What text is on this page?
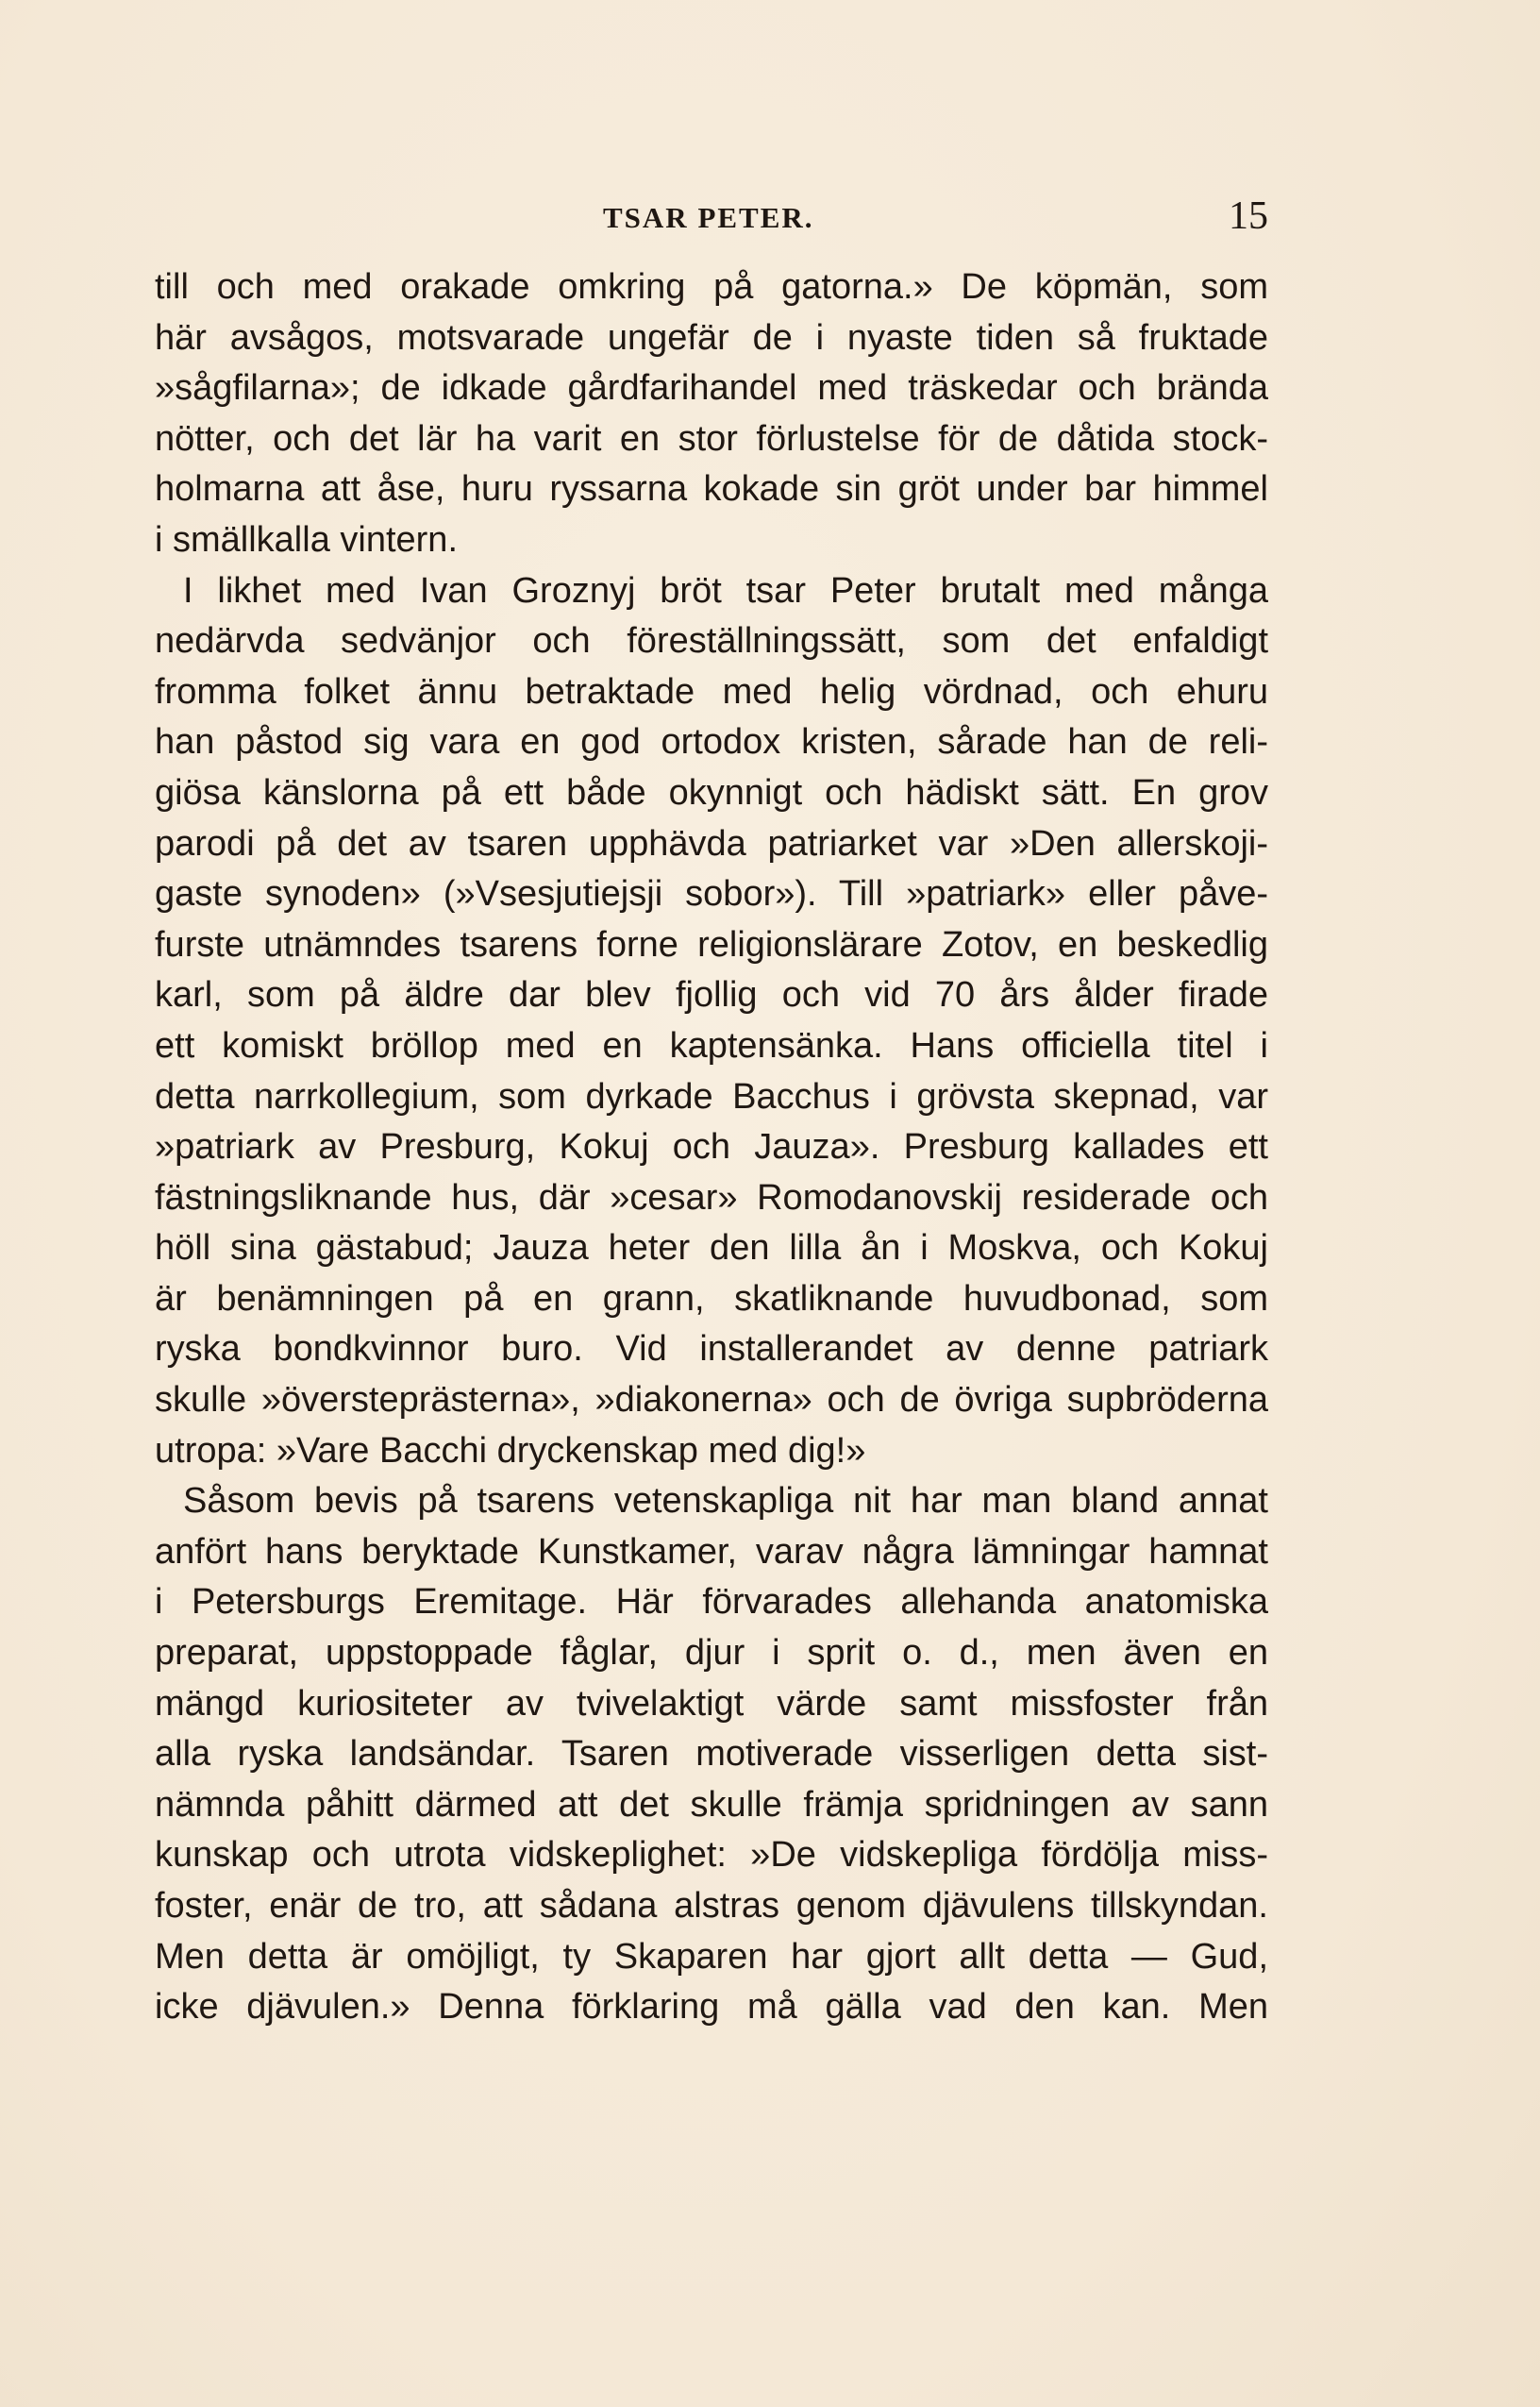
TSAR PETER.	15
till och med orakade omkring på gatorna.» De köpmän, som
här avsågos, motsvarade ungefär de i nyaste tiden så fruktade
»sågfilarna»; de idkade gårdfarihandel med träskedar och brända
nötter, och det lär ha varit en stor förlustelse för de dåtida stock-
holmarna att åse, huru ryssarna kokade sin gröt under bar himmel
i smällkalla vintern.
I likhet med Ivan Groznyj bröt tsar Peter brutalt med många
nedärvda sedvänjor och föreställningssätt, som det enfaldigt
fromma folket ännu betraktade med helig vördnad, och ehuru
han påstod sig vara en god ortodox kristen, sårade han de reli-
giösa känslorna på ett både okynnigt och hädiskt sätt. En grov
parodi på det av tsaren upphävda patriarket var »Den allerskoji-
gaste synoden» (»Vsesjutiejsji sobor»). Till »patriark» eller påve-
furste utnämndes tsarens forne religionslärare Zotov, en beskedlig
karl, som på äldre dar blev fjollig och vid 70 års ålder firade
ett komiskt bröllop med en kaptensänka. Hans officiella titel i
detta narrkollegium, som dyrkade Bacchus i grövsta skepnad, var
»patriark av Presburg, Kokuj och Jauza». Presburg kallades ett
fästningsliknande hus, där »cesar» Romodanovskij residerade och
höll sina gästabud; Jauza heter den lilla ån i Moskva, och Kokuj
är benämningen på en grann, skatliknande huvudbonad, som
ryska bondkvinnor buro. Vid installerandet av denne patriark
skulle »översteprästerna», »diakonerna» och de övriga supbröderna
utropa: »Vare Bacchi dryckenskap med dig!»
Såsom bevis på tsarens vetenskapliga nit har man bland annat
anfört hans beryktade Kunstkamer, varav några lämningar hamnat
i Petersburgs Eremitage. Här förvarades allehanda anatomiska
preparat, uppstoppade fåglar, djur i sprit o. d., men även en
mängd kuriositeter av tvivelaktigt värde samt missfoster från
alla ryska landsändar. Tsaren motiverade visserligen detta sist-
nämnda påhitt därmed att det skulle främja spridningen av sann
kunskap och utrota vidskeplighet: »De vidskepliga fördölja miss-
foster, enär de tro, att sådana alstras genom djävulens tillskyndan.
Men detta är omöjligt, ty Skaparen har gjort allt detta — Gud,
icke djävulen.» Denna förklaring må gälla vad den kan. Men
